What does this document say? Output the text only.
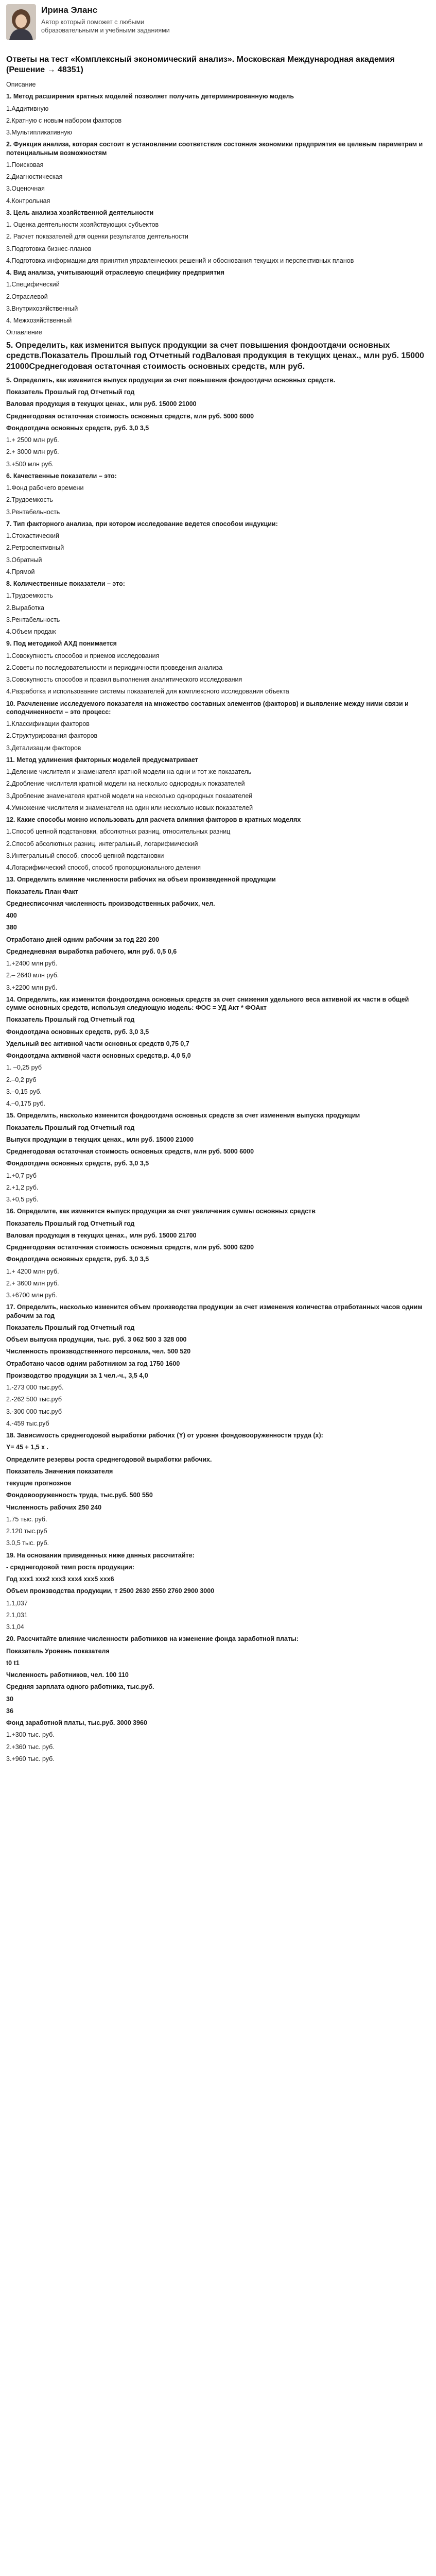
Ирина Эланс
Автор который поможет с любыми образовательными и учебными заданиями
Ответы на тест «Комплексный экономический анализ». Московская Международная академия (Решение → 48351)

Описание

1. Метод расширения кратных моделей позволяет получить детерминированную модель

1.Аддитивную

2.Кратную с новым набором факторов

3.Мультипликативную

2. Функция анализа, которая состоит в установлении соответствия состояния экономики предприятия ее целевым параметрам и потенциальным возможностям

1.Поисковая

2.Диагностическая

3.Оценочная

4.Контрольная

3. Цель анализа хозяйственной деятельности

1. Оценка деятельности хозяйствующих субъектов

2. Расчет показателей для оценки результатов деятельности

3.Подготовка бизнес-планов

4.Подготовка информации для принятия управленческих решений и обоснования текущих и перспективных планов

4. Вид анализа, учитывающий отраслевую специфику предприятия

1.Специфический

2.Отраслевой

3.Внутрихозяйственный

4. Межхозяйственный

Оглавление

5. Определить, как изменится выпуск продукции за счет повышения фондоотдачи основных средств.Показатель Прошлый год Отчетный годВаловая продукция в текущих ценах., млн руб. 15000 21000Среднегодовая остаточная стоимость основных средств, млн руб.

5. Определить, как изменится выпуск продукции за счет повышения фондоотдачи основных средств.

Показатель Прошлый год Отчетный год

Валовая продукция в текущих ценах., млн руб. 15000 21000

Среднегодовая остаточная стоимость основных средств, млн руб. 5000 6000

Фондоотдача основных средств, руб. 3,0 3,5

1.+ 2500 млн руб.

2.+ 3000 млн руб.

3.+500 млн руб.

6. Качественные показатели – это:

1.Фонд рабочего времени

2.Трудоемкость

3.Рентабельность

7. Тип факторного анализа, при котором исследование ведется способом индукции:

1.Стохастический

2.Ретроспективный

3.Обратный

4.Прямой

8. Количественные показатели – это:

1.Трудоемкость

2.Выработка

3.Рентабельность

4.Объем продаж

9. Под методикой АХД понимается

1.Совокупность способов и приемов исследования

2.Советы по последовательности и периодичности проведения анализа

3.Совокупность способов и правил выполнения аналитического исследования

4.Разработка и использование системы показателей для комплексного исследования объекта

10. Расчленение исследуемого показателя на множество составных элементов (факторов) и выявление между ними связи и соподчиненности – это процесс:

1.Классификации факторов

2.Структурирования факторов

3.Детализации факторов

11. Метод удлинения факторных моделей предусматривает

1.Деление числителя и знаменателя кратной модели на одни и тот же показатель

2.Дробление числителя кратной модели на несколько однородных показателей

3.Дробление знаменателя кратной модели на несколько однородных показателей

4.Умножение числителя и знаменателя на один или несколько новых показателей

12. Какие способы можно использовать для расчета влияния факторов в кратных моделях

1.Способ цепной подстановки, абсолютных разниц, относительных разниц

2.Способ абсолютных разниц, интегральный, логарифмический

3.Интегральный способ, способ цепной подстановки

4.Логарифмический способ, способ пропорционального деления

13. Определить влияние численности рабочих на объем произведенной продукции

Показатель План Факт

Среднесписочная численность производственных рабочих, чел.

400

380

Отработано дней одним рабочим за год 220 200

Среднедневная выработка рабочего, млн руб. 0,5 0,6

1.+2400 млн руб.

2.– 2640 млн руб.

3.+2200 млн руб.

14. Определить, как изменится фондоотдача основных средств за счет снижения удельного веса активной их части в общей сумме основных средств, используя следующую модель: ФОС = УД Акт * ФОАкт

Показатель Прошлый год Отчетный год

Фондоотдача основных средств, руб. 3,0 3,5

Удельный вес активной части основных средств 0,75 0,7

Фондоотдача активной части основных средств,р. 4,0 5,0

1. –0,25 руб

2.–0,2 руб

3.–0,15 руб.

4.–0,175 руб.

15. Определить, насколько изменится фондоотдача основных средств за счет изменения выпуска продукции

Показатель Прошлый год Отчетный год

Выпуск продукции в текущих ценах., млн руб. 15000 21000

Среднегодовая остаточная стоимость основных средств, млн руб. 5000 6000

Фондоотдача основных средств, руб. 3,0 3,5

1.+0,7 руб

2.+1,2 руб.

3.+0,5 руб.

16. Определите, как изменится выпуск продукции за счет увеличения суммы основных средств

Показатель Прошлый год Отчетный год

Валовая продукция в текущих ценах., млн руб. 15000 21700

Среднегодовая остаточная стоимость основных средств, млн руб. 5000 6200

Фондоотдача основных средств, руб. 3,0 3,5

1.+ 4200 млн руб.

2.+ 3600 млн руб.

3.+6700 млн руб.

17. Определить, насколько изменится объем производства продукции за счет изменения количества отработанных часов одним рабочим за год

Показатель Прошлый год Отчетный год

Объем выпуска продукции, тыс. руб. 3 062 500 3 328 000

Численность производственного персонала, чел. 500 520

Отработано часов одним работником за год 1750 1600

Производство продукции за 1 чел.-ч., 3,5 4,0

1.-273 000 тыс.руб.

2.-262 500 тыс.руб

3.-300 000 тыс.руб

4.-459 тыс.руб

18. Зависимость среднегодовой выработки рабочих (Y) от уровня фондовооруженности труда (x):

Y= 45 + 1,5 х .

Определите резервы роста среднегодовой выработки рабочих.

Показатель Значения показателя

текущие прогнозное

Фондовооруженность труда, тыс.руб. 500 550

Численность рабочих 250 240

1.75 тыс. руб.

2.120 тыс.руб

3.0,5 тыс. руб.

19. На основании приведенных ниже данных рассчитайте:

- среднегодовой темп роста продукции:

Год ххх1 ххх2 ххх3 ххх4 ххх5 ххх6

Объем производства продукции, т 2500 2630 2550 2760 2900 3000

1.1,037

2.1,031

3.1,04

20. Рассчитайте влияние численности работников на изменение фонда заработной платы:

Показатель Уровень показателя

t0 t1

Численность работников, чел. 100 110

Средняя зарплата одного работника, тыс.руб.

30

36

Фонд заработной платы, тыс.руб. 3000 3960

1.+300 тыс. руб.

2.+360 тыс. руб.

3.+960 тыс. руб.
